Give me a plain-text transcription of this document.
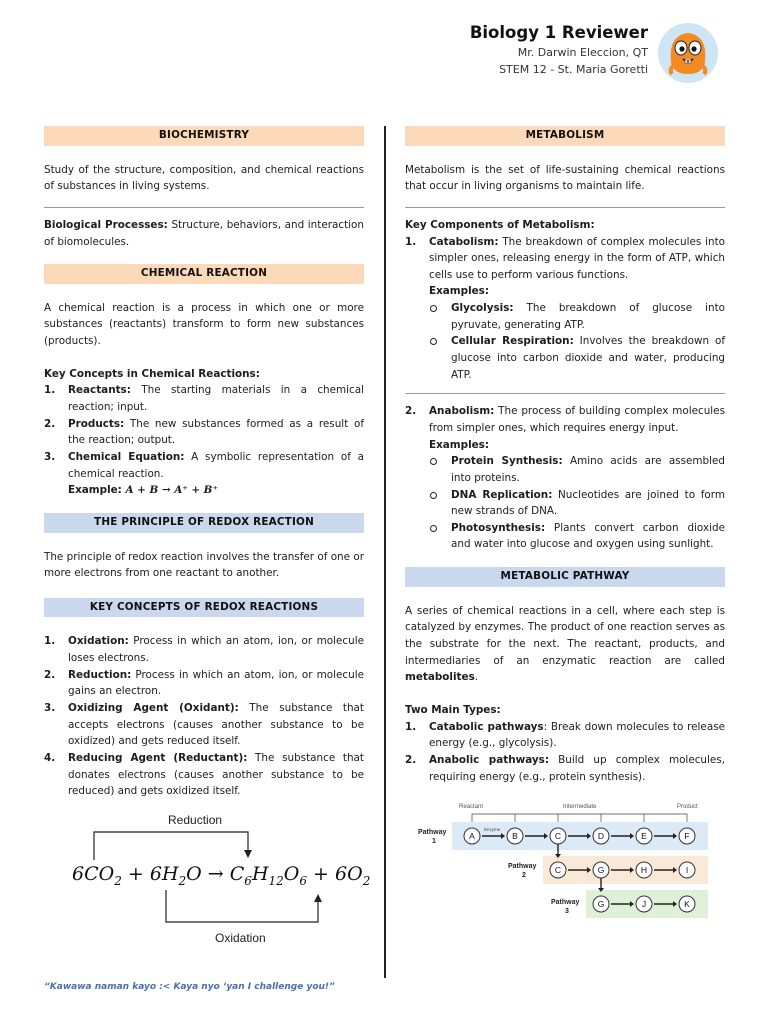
Biology 1 Reviewer
Mr. Darwin Eleccion, QT
STEM 12 - St. Maria Goretti
BIOCHEMISTRY

Study of the structure, composition, and chemical reactions of substances in living systems.

Biological Processes: Structure, behaviors, and interaction of biomolecules.

CHEMICAL REACTION

A chemical reaction is a process in which one or more substances (reactants) transform to form new substances (products).

Key Concepts in Chemical Reactions:
1. Reactants: The starting materials in a chemical reaction; input.
2. Products: The new substances formed as a result of the reaction; output.
3. Chemical Equation: A symbolic representation of a chemical reaction.
Example: A + B → A⁺ + B⁺
THE PRINCIPLE OF REDOX REACTION

The principle of redox reaction involves the transfer of one or more electrons from one reactant to another.

KEY CONCEPTS OF REDOX REACTIONS
1. Oxidation: Process in which an atom, ion, or molecule loses electrons.
2. Reduction: Process in which an atom, ion, or molecule gains an electron.
3. Oxidizing Agent (Oxidant): The substance that accepts electrons (causes another substance to be oxidized) and gets reduced itself.
4. Reducing Agent (Reductant): The substance that donates electrons (causes another substance to be reduced) and gets oxidized itself.
Reduction
$6CO_2 + 6H_2O \to C_6H_{12}O_6 + 6O_2$
Oxidation
METABOLISM

Metabolism is the set of life-sustaining chemical reactions that occur in living organisms to maintain life.

Key Components of Metabolism:
1. Catabolism: The breakdown of complex molecules into simpler ones, releasing energy in the form of ATP, which cells use to perform various functions.
Examples:
Glycolysis: The breakdown of glucose into pyruvate, generating ATP.
Cellular Respiration: Involves the breakdown of glucose into carbon dioxide and water, producing ATP.
2. Anabolism: The process of building complex molecules from simpler ones, which requires energy input.
Examples:
Protein Synthesis: Amino acids are assembled into proteins.
DNA Replication: Nucleotides are joined to form new strands of DNA.
Photosynthesis: Plants convert carbon dioxide and water into glucose and oxygen using sunlight.
METABOLIC PATHWAY

A series of chemical reactions in a cell, where each step is catalyzed by enzymes. The product of one reaction serves as the substrate for the next. The reactant, products, and intermediaries of an enzymatic reaction are called metabolites.

Two Main Types:
1. Catabolic pathways: Break down molecules to release energy (e.g., glycolysis).
2. Anabolic pathways: Build up complex molecules, requiring energy (e.g., protein synthesis).
Reactant	Intermediate	Product
Pathway
1
Pathway
2
Pathway
3
Enzyme
A	B	C	D	E	F
C	G	H	I
G	J	K
“Kawawa naman kayo :< Kaya nyo ‘yan I challenge you!”
